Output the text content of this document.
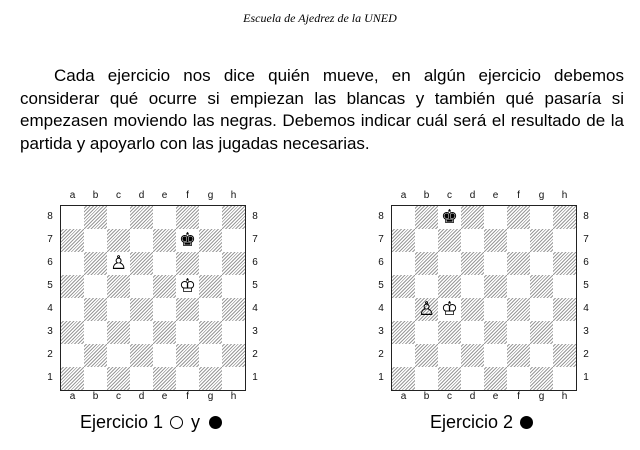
Escuela de Ajedrez de la UNED
Cada ejercicio nos dice quién mueve, en algún ejercicio debemos considerar qué ocurre si empiezan las blancas y también qué pasaría si empezasen moviendo las negras. Debemos indicar cuál será el resultado de la partida y apoyarlo con las jugadas necesarias.
a
a
b
b
c
c
d
d
e
e
f
f
g
g
h
h
8	8
7	7
6	6
5	5
4	4
3	3
2	2
1	1
♚
♙
♔
Ejercicio 1 y
a
a
b
b
c
c
d
d
e
e
f
f
g
g
h
h
8	8
7	7
6	6
5	5
4	4
3	3
2	2
1	1
♚
♙ ♔
Ejercicio 2
